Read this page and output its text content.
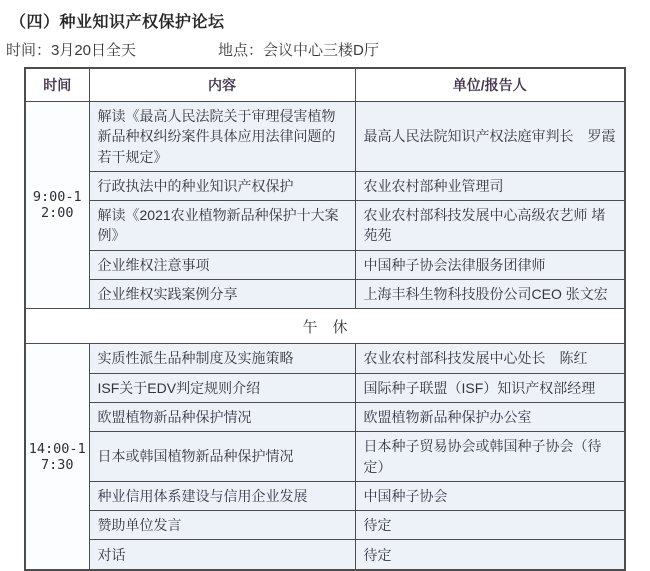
（四）种业知识产权保护论坛
时间：3月20日全天	地点：会议中心三楼D厅
时间	内容	单位/报告人
9:00-12:00	解读《最高人民法院关于审理侵害植物新品种权纠纷案件具体应用法律问题的若干规定》	最高人民法院知识产权法庭审判长　罗霞
	行政执法中的种业知识产权保护	农业农村部种业管理司
	解读《2021农业植物新品种保护十大案例》	农业农村部科技发展中心高级农艺师 堵苑苑
	企业维权注意事项	中国种子协会法律服务团律师
	企业维权实践案例分享	上海丰科生物科技股份公司CEO 张文宏
午　休		
14:00-17:30	实质性派生品种制度及实施策略	农业农村部科技发展中心处长　陈红
	ISF关于EDV判定规则介绍	国际种子联盟（ISF）知识产权部经理
	欧盟植物新品种保护情况	欧盟植物新品种保护办公室
	日本或韩国植物新品种保护情况	日本种子贸易协会或韩国种子协会（待定）
	种业信用体系建设与信用企业发展	中国种子协会
	赞助单位发言	待定
	对话	待定
